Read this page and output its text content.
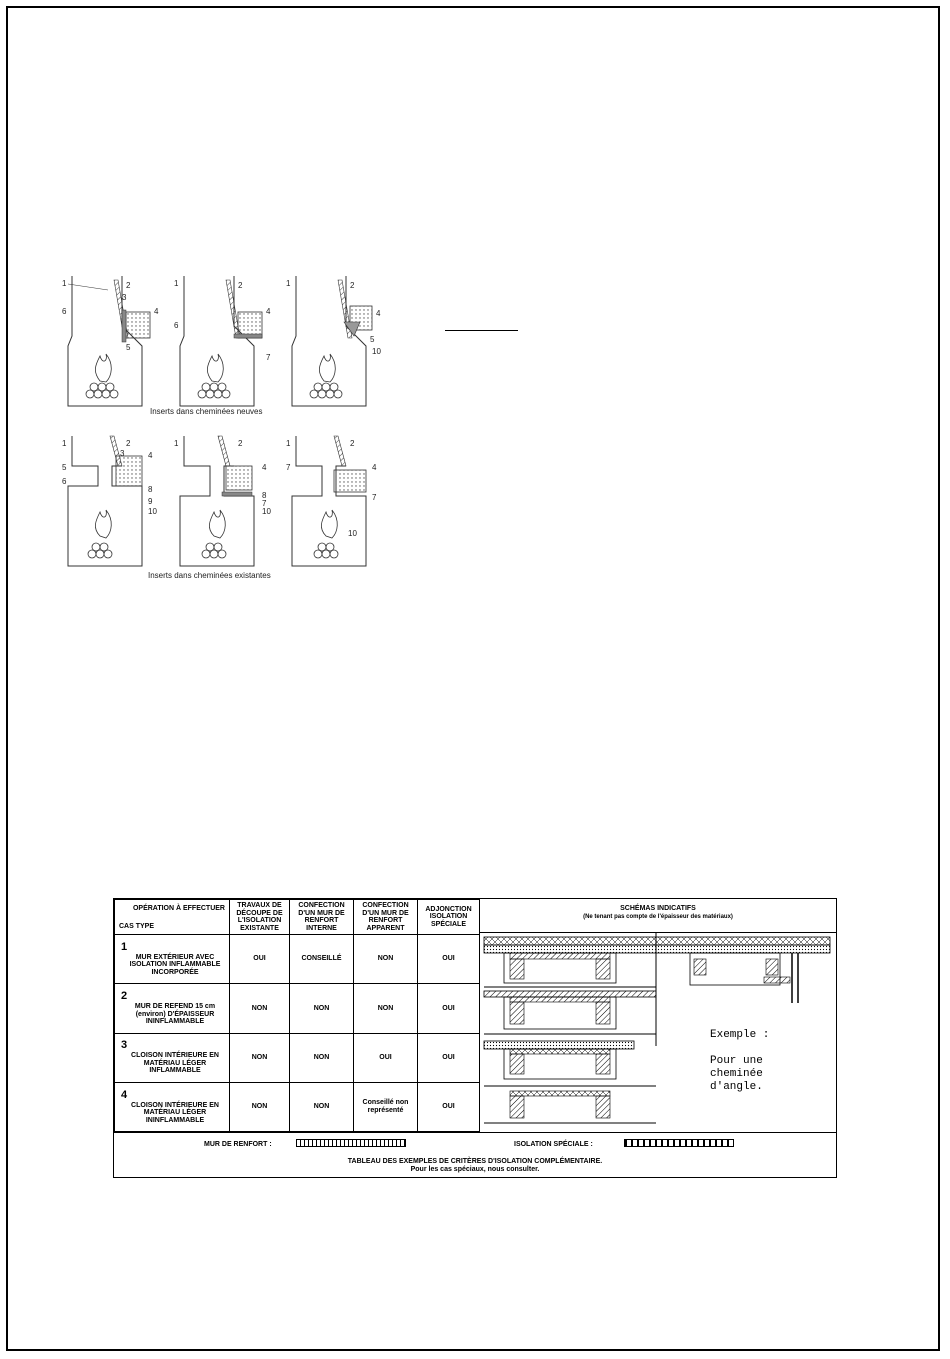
1	2
3
4
5
6
1	2
4
6
7
1	2
4
5
10
Inserts dans cheminées neuves
1	2
3	4
5
6
8
9
10
1	2
4
8
7
10
1	2
7	4
7
10
Inserts dans cheminées existantes
OPÉRATION À EFFECTUER
CAS TYPE	TRAVAUX DE DÉCOUPE DE L'ISOLATION EXISTANTE	CONFECTION D'UN MUR DE RENFORT INTERNE	CONFECTION D'UN MUR DE RENFORT APPARENT	ADJONCTION ISOLATION SPÉCIALE

1
MUR EXTÉRIEUR AVEC ISOLATION INFLAMMABLE INCORPORÉE	OUI	CONSEILLÉ	NON	OUI

2
MUR DE REFEND 15 cm (environ) D'ÉPAISSEUR ININFLAMMABLE	NON	NON	NON	OUI

3
CLOISON INTÉRIEURE EN MATÉRIAU LÉGER INFLAMMABLE	NON	NON	OUI	OUI

4
CLOISON INTÉRIEURE EN MATÉRIAU LÉGER ININFLAMMABLE	NON	NON	Conseillé non représenté	OUI
SCHÉMAS INDICATIFS
(Ne tenant pas compte de l'épaisseur des matériaux)
Exemple :

Pour une
cheminée
d'angle.
MUR DE RENFORT :	ISOLATION SPÉCIALE :
TABLEAU DES EXEMPLES DE CRITÈRES D'ISOLATION COMPLÉMENTAIRE.
Pour les cas spéciaux, nous consulter.
